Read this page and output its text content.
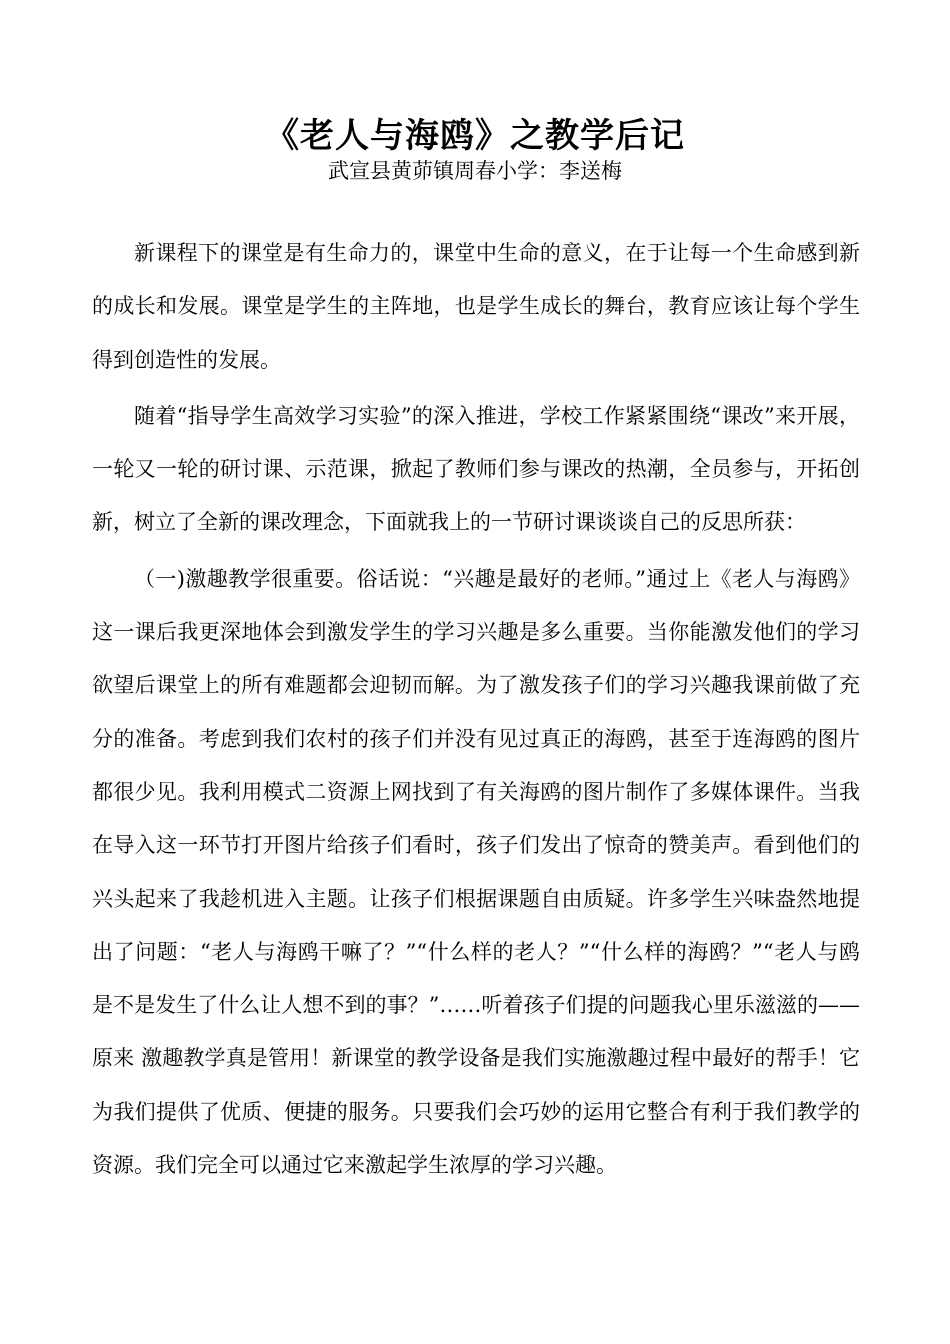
《老人与海鸥》之教学后记

武宣县黄茆镇周春小学：李送梅

新课程下的课堂是有生命力的，课堂中生命的意义，在于让每一个生命感到新的成长和发展。课堂是学生的主阵地，也是学生成长的舞台，教育应该让每个学生得到创造性的发展。

随着“指导学生高效学习实验”的深入推进，学校工作紧紧围绕“课改”来开展，一轮又一轮的研讨课、示范课，掀起了教师们参与课改的热潮，全员参与，开拓创新，树立了全新的课改理念，下面就我上的一节研讨课谈谈自己的反思所获：

（一)激趣教学很重要。俗话说：“兴趣是最好的老师。”通过上《老人与海鸥》这一课后我更深地体会到激发学生的学习兴趣是多么重要。当你能激发他们的学习欲望后课堂上的所有难题都会迎韧而解。为了激发孩子们的学习兴趣我课前做了充分的准备。考虑到我们农村的孩子们并没有见过真正的海鸥，甚至于连海鸥的图片都很少见。我利用模式二资源上网找到了有关海鸥的图片制作了多媒体课件。当我在导入这一环节打开图片给孩子们看时，孩子们发出了惊奇的赞美声。看到他们的兴头起来了我趁机进入主题。让孩子们根据课题自由质疑。许多学生兴味盎然地提出了问题：“老人与海鸥干嘛了？”“什么样的老人？”“什么样的海鸥？”“老人与鸥是不是发生了什么让人想不到的事？”……听着孩子们提的问题我心里乐滋滋的——原来 激趣教学真是管用！新课堂的教学设备是我们实施激趣过程中最好的帮手！它为我们提供了优质、便捷的服务。只要我们会巧妙的运用它整合有利于我们教学的资源。我们完全可以通过它来激起学生浓厚的学习兴趣。
